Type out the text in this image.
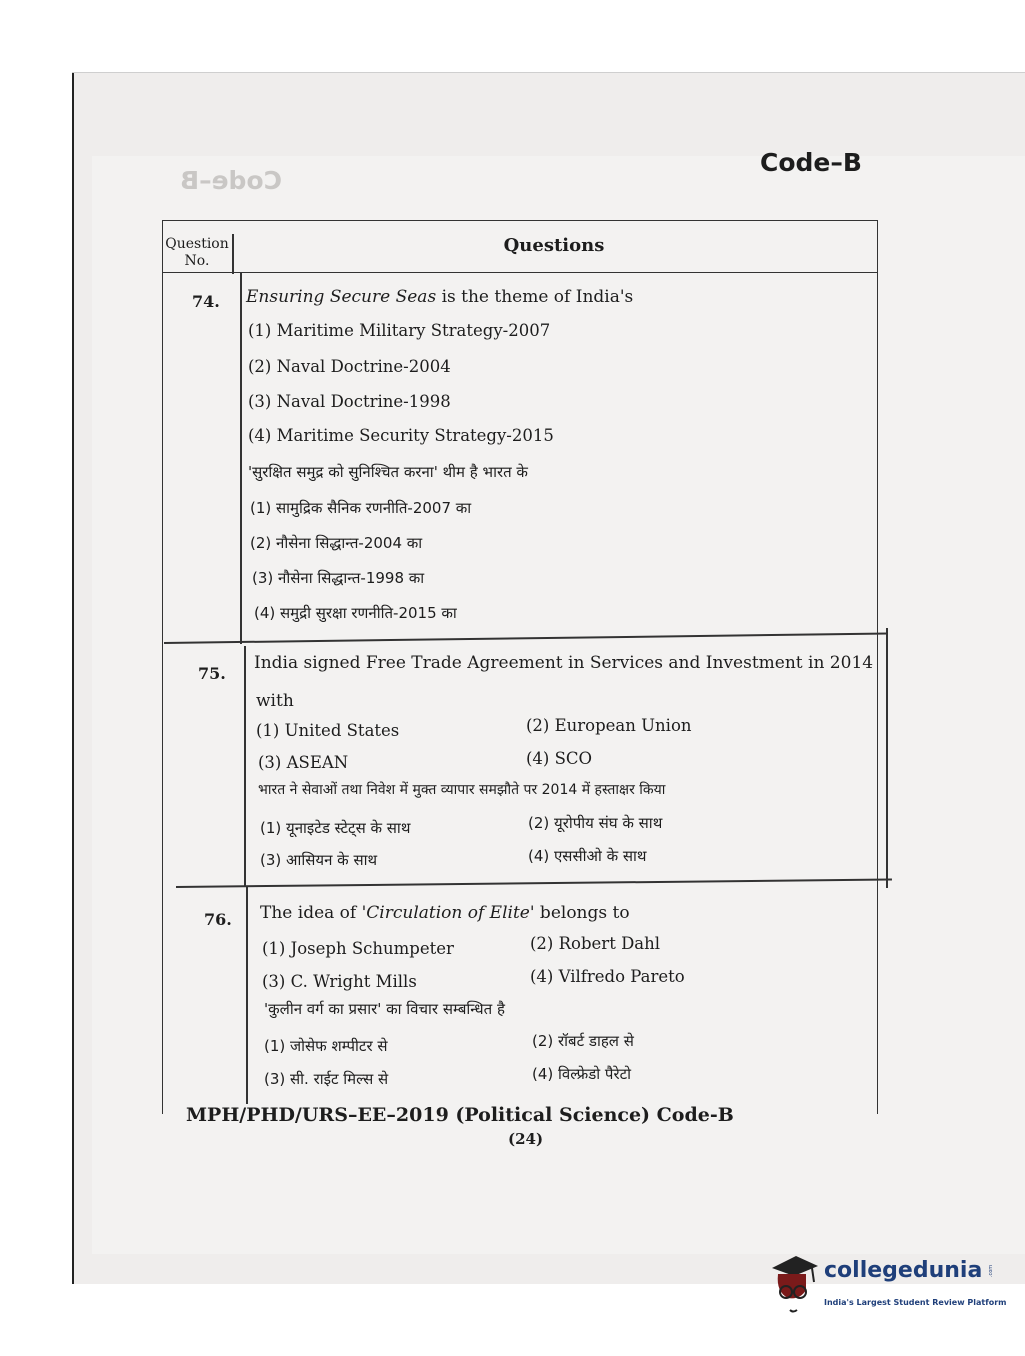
Code–B
Code–B
Question No.
Questions
74. Ensuring Secure Seas is the theme of India's
(1) Maritime Military Strategy-2007
(2) Naval Doctrine-2004
(3) Naval Doctrine-1998
(4) Maritime Security Strategy-2015
'सुरक्षित समुद्र को सुनिश्चित करना' थीम है भारत के
(1) सामुद्रिक सैनिक रणनीति-2007 का
(2) नौसेना सिद्धान्त-2004 का
(3) नौसेना सिद्धान्त-1998 का
(4) समुद्री सुरक्षा रणनीति-2015 का
75.
India signed Free Trade Agreement in Services and Investment in 2014
with
(1) United States	(2) European Union
(3) ASEAN	(4) SCO
भारत ने सेवाओं तथा निवेश में मुक्त व्यापार समझौते पर 2014 में हस्ताक्षर किया
(1) यूनाइटेड स्टेट्स के साथ	(2) यूरोपीय संघ के साथ
(3) आसियन के साथ	(4) एससीओ के साथ
76. The idea of 'Circulation of Elite' belongs to
(1) Joseph Schumpeter	(2) Robert Dahl
(3) C. Wright Mills	(4) Vilfredo Pareto
'कुलीन वर्ग का प्रसार' का विचार सम्बन्धित है
(1) जोसेफ शम्पीटर से	(2) रॉबर्ट डाहल से
(3) सी. राईट मिल्स से	(4) विल्फ्रेडो पैरेटो
MPH/PHD/URS–EE–2019 (Political Science) Code-B
(24)
collegedunia .com
India's Largest Student Review Platform
